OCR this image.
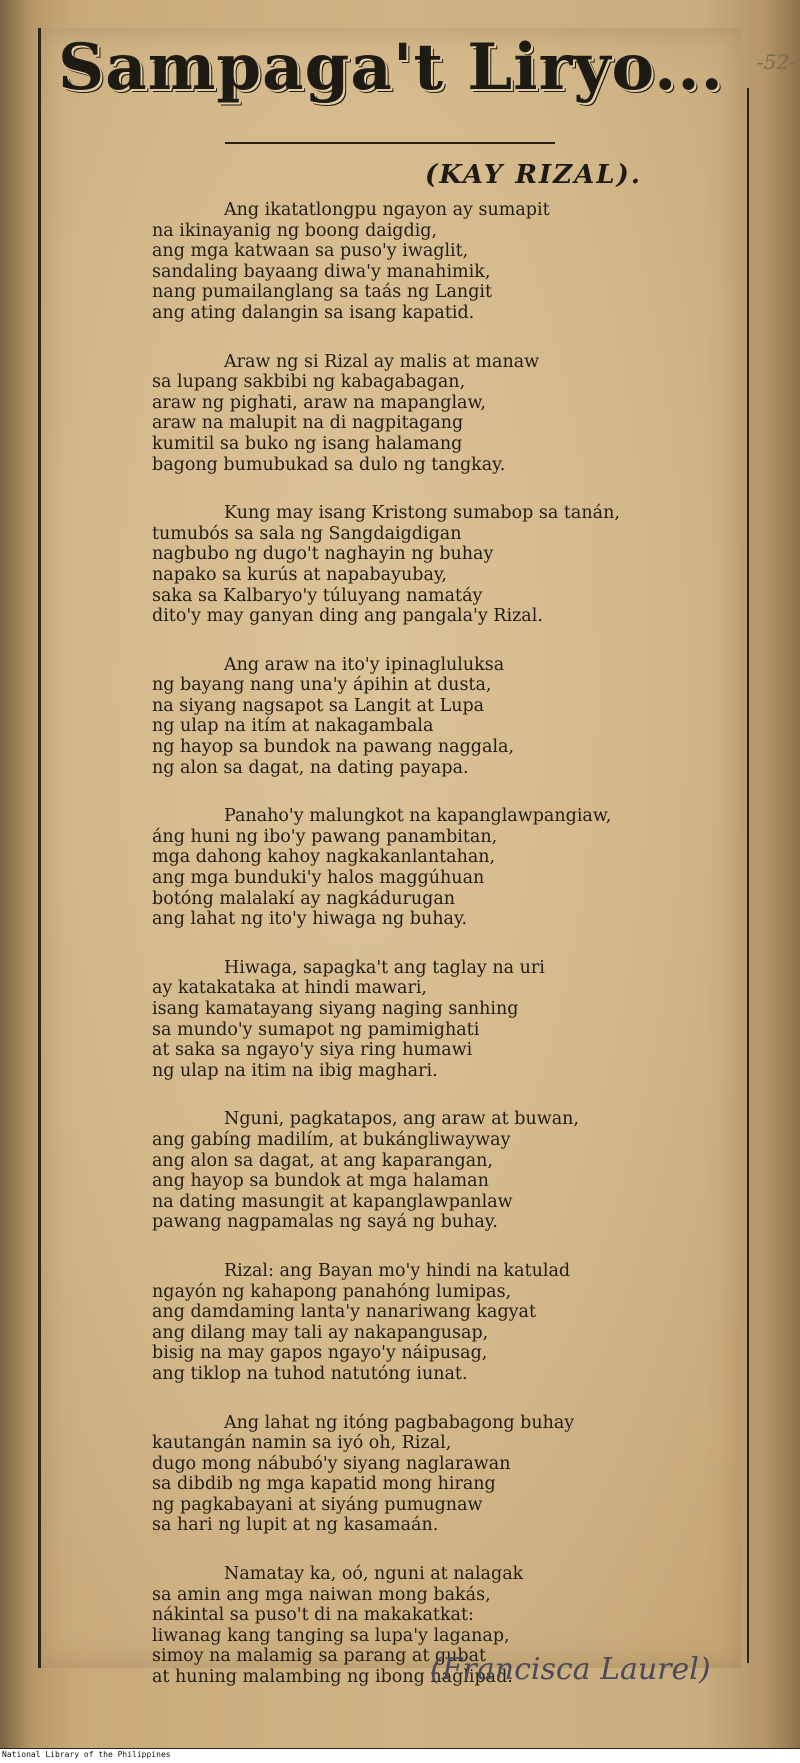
-52-
Sampaga't Liryo...
(KAY RIZAL).
Ang ikatatlongpu ngayon ay sumapit
na ikinayanig ng boong daigdig,
ang mga katwaan sa puso'y iwaglit,
sandaling bayaang diwa'y manahimik,
nang pumailanglang sa taás ng Langit
ang ating dalangin sa isang kapatid.
Araw ng si Rizal ay malis at manaw
sa lupang sakbibi ng kabagabagan,
araw ng pighati, araw na mapanglaw,
araw na malupit na di nagpitagang
kumitil sa buko ng isang halamang
bagong bumubukad sa dulo ng tangkay.
Kung may isang Kristong sumabop sa tanán,
tumubós sa sala ng Sangdaigdigan
nagbubo ng dugo't naghayin ng buhay
napako sa kurús at napabayubay,
saka sa Kalbaryo'y túluyang namatáy
dito'y may ganyan ding ang pangala'y Rizal.
Ang araw na ito'y ipinagluluksa
ng bayang nang una'y ápihin at dusta,
na siyang nagsapot sa Langit at Lupa
ng ulap na itím at nakagambala
ng hayop sa bundok na pawang naggala,
ng alon sa dagat, na dating payapa.
Panaho'y malungkot na kapanglawpangiaw,
áng huni ng ibo'y pawang panambitan,
mga dahong kahoy nagkakanlantahan,
ang mga bunduki'y halos maggúhuan
botóng malalakí ay nagkádurugan
ang lahat ng ito'y hiwaga ng buhay.
Hiwaga, sapagka't ang taglay na uri
ay katakataka at hindi mawari,
isang kamatayang siyang naging sanhing
sa mundo'y sumapot ng pamimighati
at saka sa ngayo'y siya ring humawi
ng ulap na itim na ibig maghari.
Nguni, pagkatapos, ang araw at buwan,
ang gabíng madilím, at bukángliwayway
ang alon sa dagat, at ang kaparangan,
ang hayop sa bundok at mga halaman
na dating masungit at kapanglawpanlaw
pawang nagpamalas ng sayá ng buhay.
Rizal: ang Bayan mo'y hindi na katulad
ngayón ng kahapong panahóng lumipas,
ang damdaming lanta'y nanariwang kagyat
ang dilang may tali ay nakapangusap,
bisig na may gapos ngayo'y náipusag,
ang tiklop na tuhod natutóng iunat.
Ang lahat ng itóng pagbabagong buhay
kautangán namin sa iyó oh, Rizal,
dugo mong nábubó'y siyang naglarawan
sa dibdib ng mga kapatid mong hirang
ng pagkabayani at siyáng pumugnaw
sa hari ng lupit at ng kasamaán.
Namatay ka, oó, nguni at nalagak
sa amin ang mga naiwan mong bakás,
nákintal sa puso't di na makakatkat:
liwanag kang tanging sa lupa'y laganap,
simoy na malamig sa parang at gubat
at huning malambing ng ibong naglipad.
(Francisca Laurel)
National Library of the Philippines
